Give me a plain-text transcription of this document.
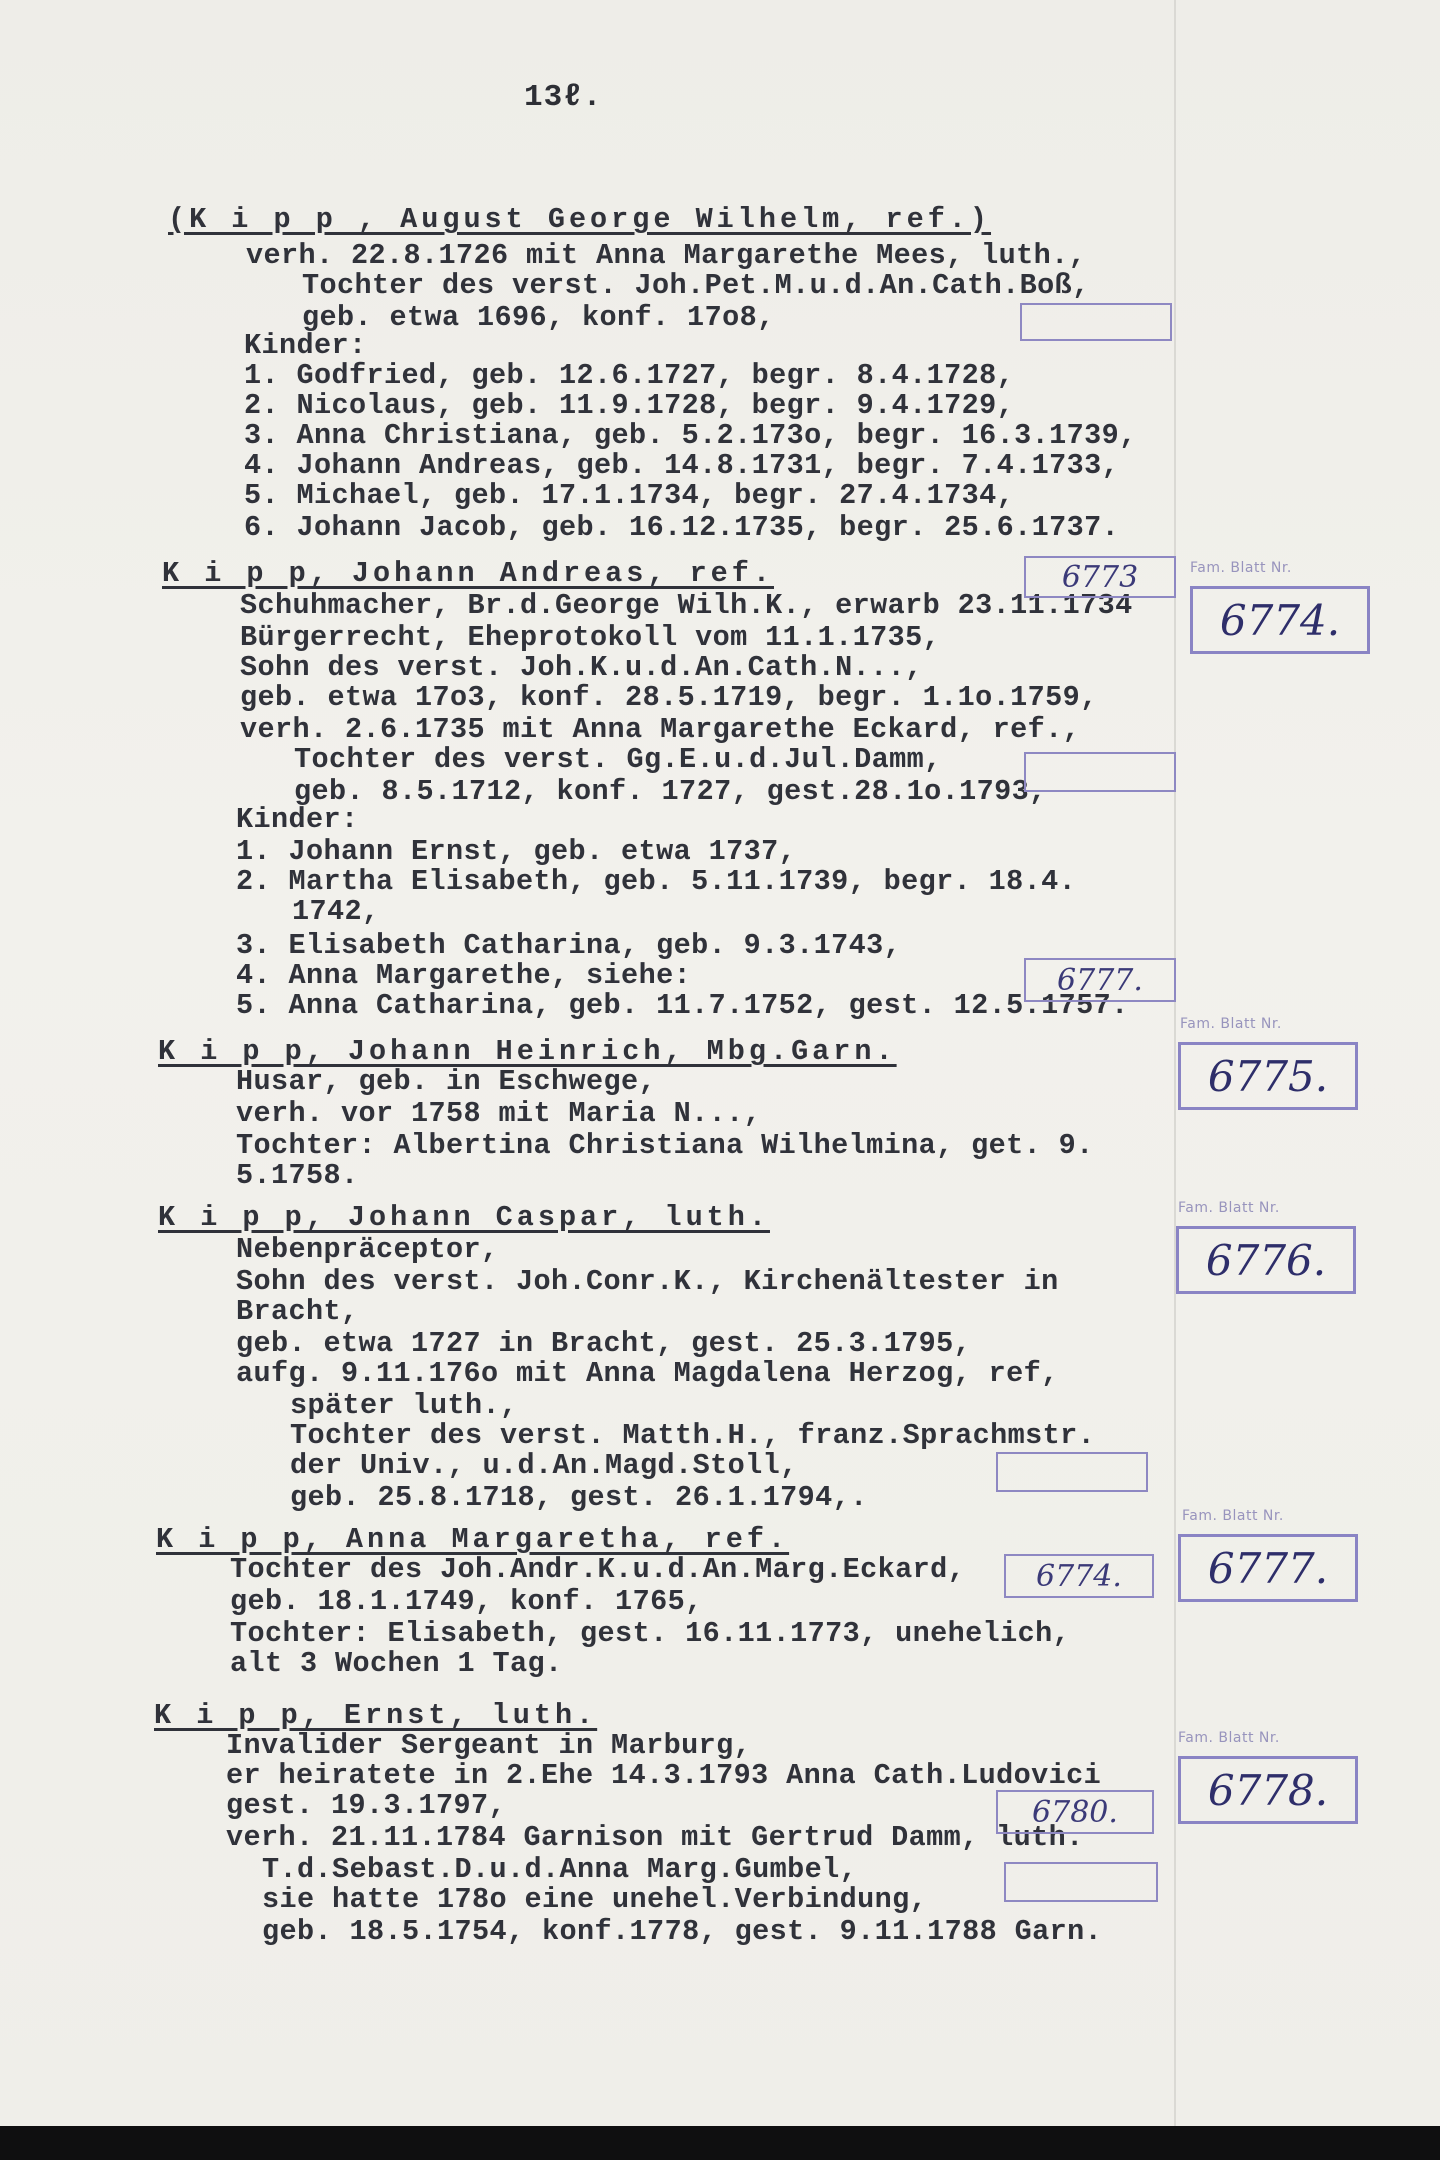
13ℓ.
(K i p p , August George Wilhelm, ref.)
verh. 22.8.1726 mit Anna Margarethe Mees, luth.,
Tochter des verst. Joh.Pet.M.u.d.An.Cath.Boß,
geb. etwa 1696, konf. 17o8,
Kinder:
1. Godfried, geb. 12.6.1727, begr. 8.4.1728,
2. Nicolaus, geb. 11.9.1728, begr. 9.4.1729,
3. Anna Christiana, geb. 5.2.173o, begr. 16.3.1739,
4. Johann Andreas, geb. 14.8.1731, begr. 7.4.1733,
5. Michael, geb. 17.1.1734, begr. 27.4.1734,
6. Johann Jacob, geb. 16.12.1735, begr. 25.6.1737.
K i p p, Johann Andreas, ref.
Schuhmacher, Br.d.George Wilh.K., erwarb 23.11.1734
Bürgerrecht, Eheprotokoll vom 11.1.1735,
Sohn des verst. Joh.K.u.d.An.Cath.N...,
geb. etwa 17o3, konf. 28.5.1719, begr. 1.1o.1759,
verh. 2.6.1735 mit Anna Margarethe Eckard, ref.,
Tochter des verst. Gg.E.u.d.Jul.Damm,
geb. 8.5.1712, konf. 1727, gest.28.1o.1793,
Kinder:
1. Johann Ernst, geb. etwa 1737,
2. Martha Elisabeth, geb. 5.11.1739, begr. 18.4.
1742,
3. Elisabeth Catharina, geb. 9.3.1743,
4. Anna Margarethe, siehe:
5. Anna Catharina, geb. 11.7.1752, gest. 12.5.1757.
6773
6777.
Fam. Blatt Nr.
6774.
K i p p, Johann Heinrich, Mbg.Garn.
Husar, geb. in Eschwege,
verh. vor 1758 mit Maria N...,
Tochter: Albertina Christiana Wilhelmina, get. 9.
5.1758.
Fam. Blatt Nr.
6775.
K i p p, Johann Caspar, luth.
Nebenpräceptor,
Sohn des verst. Joh.Conr.K., Kirchenältester in
Bracht,
geb. etwa 1727 in Bracht, gest. 25.3.1795,
aufg. 9.11.176o mit Anna Magdalena Herzog, ref,
später luth.,
Tochter des verst. Matth.H., franz.Sprachmstr.
der Univ., u.d.An.Magd.Stoll,
geb. 25.8.1718, gest. 26.1.1794,.
Fam. Blatt Nr.
6776.
K i p p, Anna Margaretha, ref.
Tochter des Joh.Andr.K.u.d.An.Marg.Eckard,
geb. 18.1.1749, konf. 1765,
Tochter: Elisabeth, gest. 16.11.1773, unehelich,
alt 3 Wochen 1 Tag.
6774.
Fam. Blatt Nr.
6777.
K i p p, Ernst, luth.
Invalider Sergeant in Marburg,
er heiratete in 2.Ehe 14.3.1793 Anna Cath.Ludovici
gest. 19.3.1797,
verh. 21.11.1784 Garnison mit Gertrud Damm, luth.
T.d.Sebast.D.u.d.Anna Marg.Gumbel,
sie hatte 178o eine unehel.Verbindung,
geb. 18.5.1754, konf.1778, gest. 9.11.1788 Garn.
6780.
Fam. Blatt Nr.
6778.
